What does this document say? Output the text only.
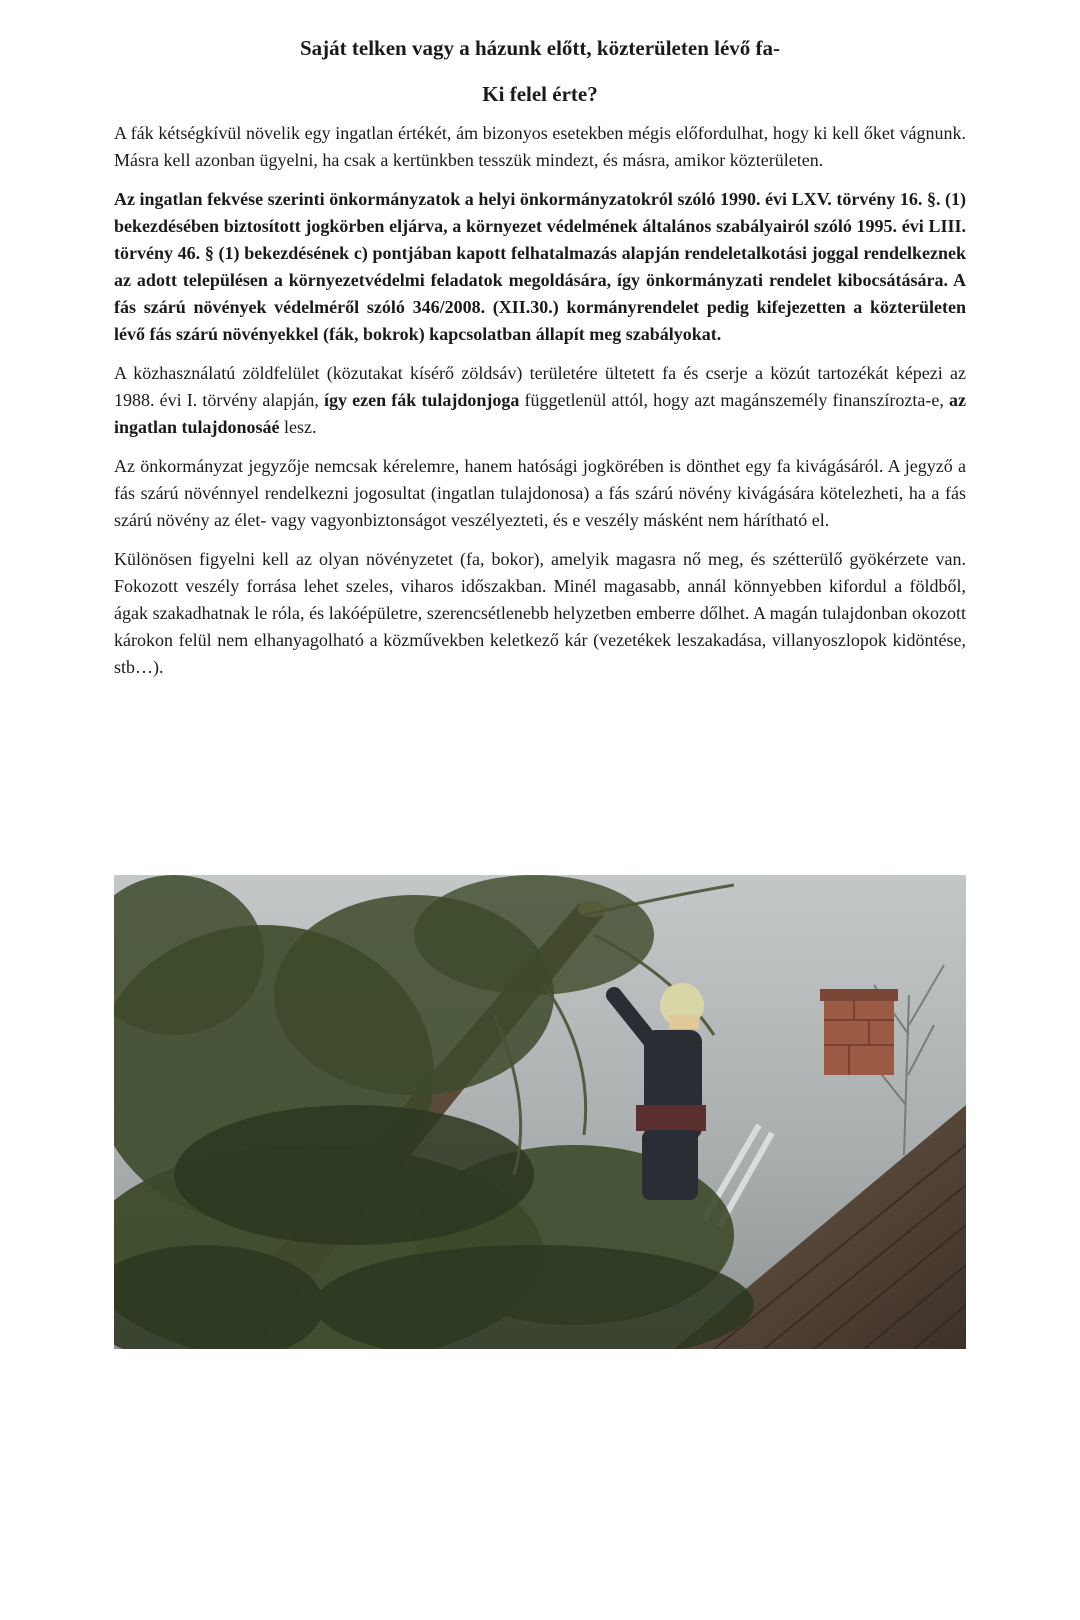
Saját telken vagy a házunk előtt, közterületen lévő fa-
Ki felel érte?

A fák kétségkívül növelik egy ingatlan értékét, ám bizonyos esetekben mégis előfordulhat, hogy ki kell őket vágnunk. Másra kell azonban ügyelni, ha csak a kertünkben tesszük mindezt, és másra, amikor közterületen.

Az ingatlan fekvése szerinti önkormányzatok a helyi önkormányzatokról szóló 1990. évi LXV. törvény 16. §. (1) bekezdésében biztosított jogkörben eljárva, a környezet védelmének általános szabályairól szóló 1995. évi LIII. törvény 46. § (1) bekezdésének c) pontjában kapott felhatalmazás alapján rendeletalkotási joggal rendelkeznek az adott településen a környezetvédelmi feladatok megoldására, így önkormányzati rendelet kibocsátására. A fás szárú növények védelméről szóló 346/2008. (XII.30.) kormányrendelet pedig kifejezetten a közterületen lévő fás szárú növényekkel (fák, bokrok) kapcsolatban állapít meg szabályokat.

A közhasználatú zöldfelület (közutakat kísérő zöldsáv) területére ültetett fa és cserje a közút tartozékát képezi az 1988. évi I. törvény alapján, így ezen fák tulajdonjoga függetlenül attól, hogy azt magánszemély finanszírozta-e, az ingatlan tulajdonosáé lesz.

Az önkormányzat jegyzője nemcsak kérelemre, hanem hatósági jogkörében is dönthet egy fa kivágásáról. A jegyző a fás szárú növénnyel rendelkezni jogosultat (ingatlan tulajdonosa) a fás szárú növény kivágására kötelezheti, ha a fás szárú növény az élet- vagy vagyonbiztonságot veszélyezteti, és e veszély másként nem hárítható el.

Különösen figyelni kell az olyan növényzetet (fa, bokor), amelyik magasra nő meg, és szétterülő gyökérzete van. Fokozott veszély forrása lehet szeles, viharos időszakban. Minél magasabb, annál könnyebben kifordul a földből, ágak szakadhatnak le róla, és lakóépületre, szerencsétlenebb helyzetben emberre dőlhet. A magán tulajdonban okozott károkon felül nem elhanyagolható a közművekben keletkező kár (vezetékek leszakadása, villanyoszlopok kidöntése, stb…).
